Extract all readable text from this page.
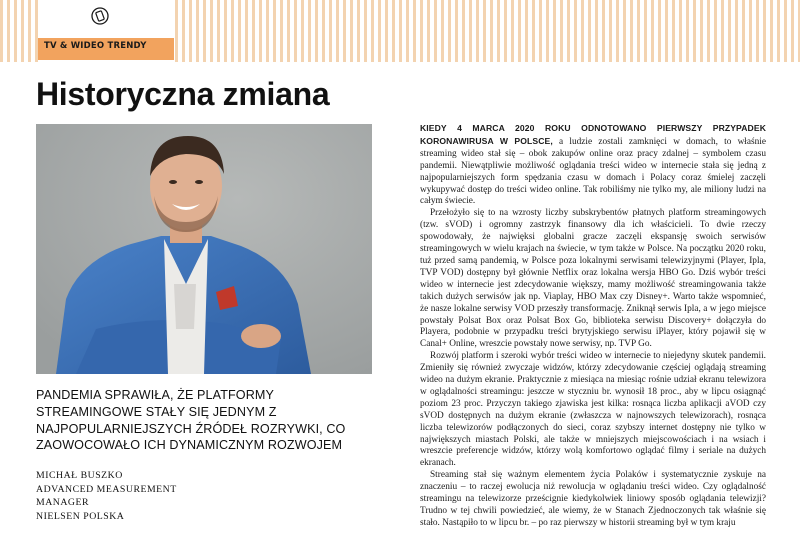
TV & WIDEO TRENDY
Historyczna zmiana
PANDEMIA SPRAWIŁA, ŻE PLATFORMY STREAMINGOWE STAŁY SIĘ JEDNYM Z NAJPOPULARNIEJSZYCH ŹRÓDEŁ ROZRYWKI, CO ZAOWOCOWAŁO ICH DYNAMICZNYM ROZWOJEM
MICHAŁ BUSZKO
ADVANCED MEASUREMENT
MANAGER
NIELSEN POLSKA

KIEDY 4 MARCA 2020 ROKU ODNOTOWANO PIERWSZY PRZYPADEK KORONAWIRUSA W POLSCE, a ludzie zostali zamknięci w domach, to właśnie streaming wideo stał się – obok zakupów online oraz pracy zdalnej – symbolem czasu pandemii. Niewątpliwie możliwość oglądania treści wideo w internecie stała się jedną z najpopularniejszych form spędzania czasu w domach i Polacy coraz śmielej zaczęli wykupywać dostęp do treści wideo online. Tak robiliśmy nie tylko my, ale miliony ludzi na całym świecie.

Przełożyło się to na wzrosty liczby subskrybentów płatnych platform streamingowych (tzw. sVOD) i ogromny zastrzyk finansowy dla ich właścicieli. To dwie rzeczy spowodowały, że najwięksi globalni gracze zaczęli ekspansję swoich serwisów streamingowych w wielu krajach na świecie, w tym także w Polsce. Na początku 2020 roku, tuż przed samą pandemią, w Polsce poza lokalnymi serwisami telewizyjnymi (Player, Ipla, TVP VOD) dostępny był głównie Netflix oraz lokalna wersja HBO Go. Dziś wybór treści wideo w internecie jest zdecydowanie większy, mamy możliwość streamingowania także takich dużych serwisów jak np. Viaplay, HBO Max czy Disney+. Warto także wspomnieć, że nasze lokalne serwisy VOD przeszły transformację. Zniknął serwis Ipla, a w jego miejsce powstały Polsat Box oraz Polsat Box Go, biblioteka serwisu Discovery+ dołączyła do Playera, podobnie w przypadku treści brytyjskiego serwisu iPlayer, który pojawił się w Canal+ Online, wreszcie powstały nowe serwisy, np. TVP Go.

Rozwój platform i szeroki wybór treści wideo w internecie to niejedyny skutek pandemii. Zmieniły się również zwyczaje widzów, którzy zdecydowanie częściej oglądają streaming wideo na dużym ekranie. Praktycznie z miesiąca na miesiąc rośnie udział ekranu telewizora w oglądalności streamingu: jeszcze w styczniu br. wynosił 18 proc., aby w lipcu osiągnąć poziom 23 proc. Przyczyn takiego zjawiska jest kilka: rosnąca liczba aplikacji aVOD czy sVOD dostępnych na dużym ekranie (zwłaszcza w najnowszych telewizorach), rosnąca liczba telewizorów podłączonych do sieci, coraz szybszy internet dostępny nie tylko w największych miastach Polski, ale także w mniejszych miejscowościach i na wsiach i wreszcie preferencje widzów, którzy wolą komfortowo oglądać filmy i seriale na dużych ekranach.

Streaming stał się ważnym elementem życia Polaków i systematycznie zyskuje na znaczeniu – to raczej ewolucja niż rewolucja w oglądaniu treści wideo. Czy oglądalność streamingu na telewizorze prześcignie kiedykolwiek liniowy sposób oglądania telewizji? Trudno w tej chwili powiedzieć, ale wiemy, że w Stanach Zjednoczonych tak właśnie się stało. Nastąpiło to w lipcu br. – po raz pierwszy w historii streaming był w tym kraju
